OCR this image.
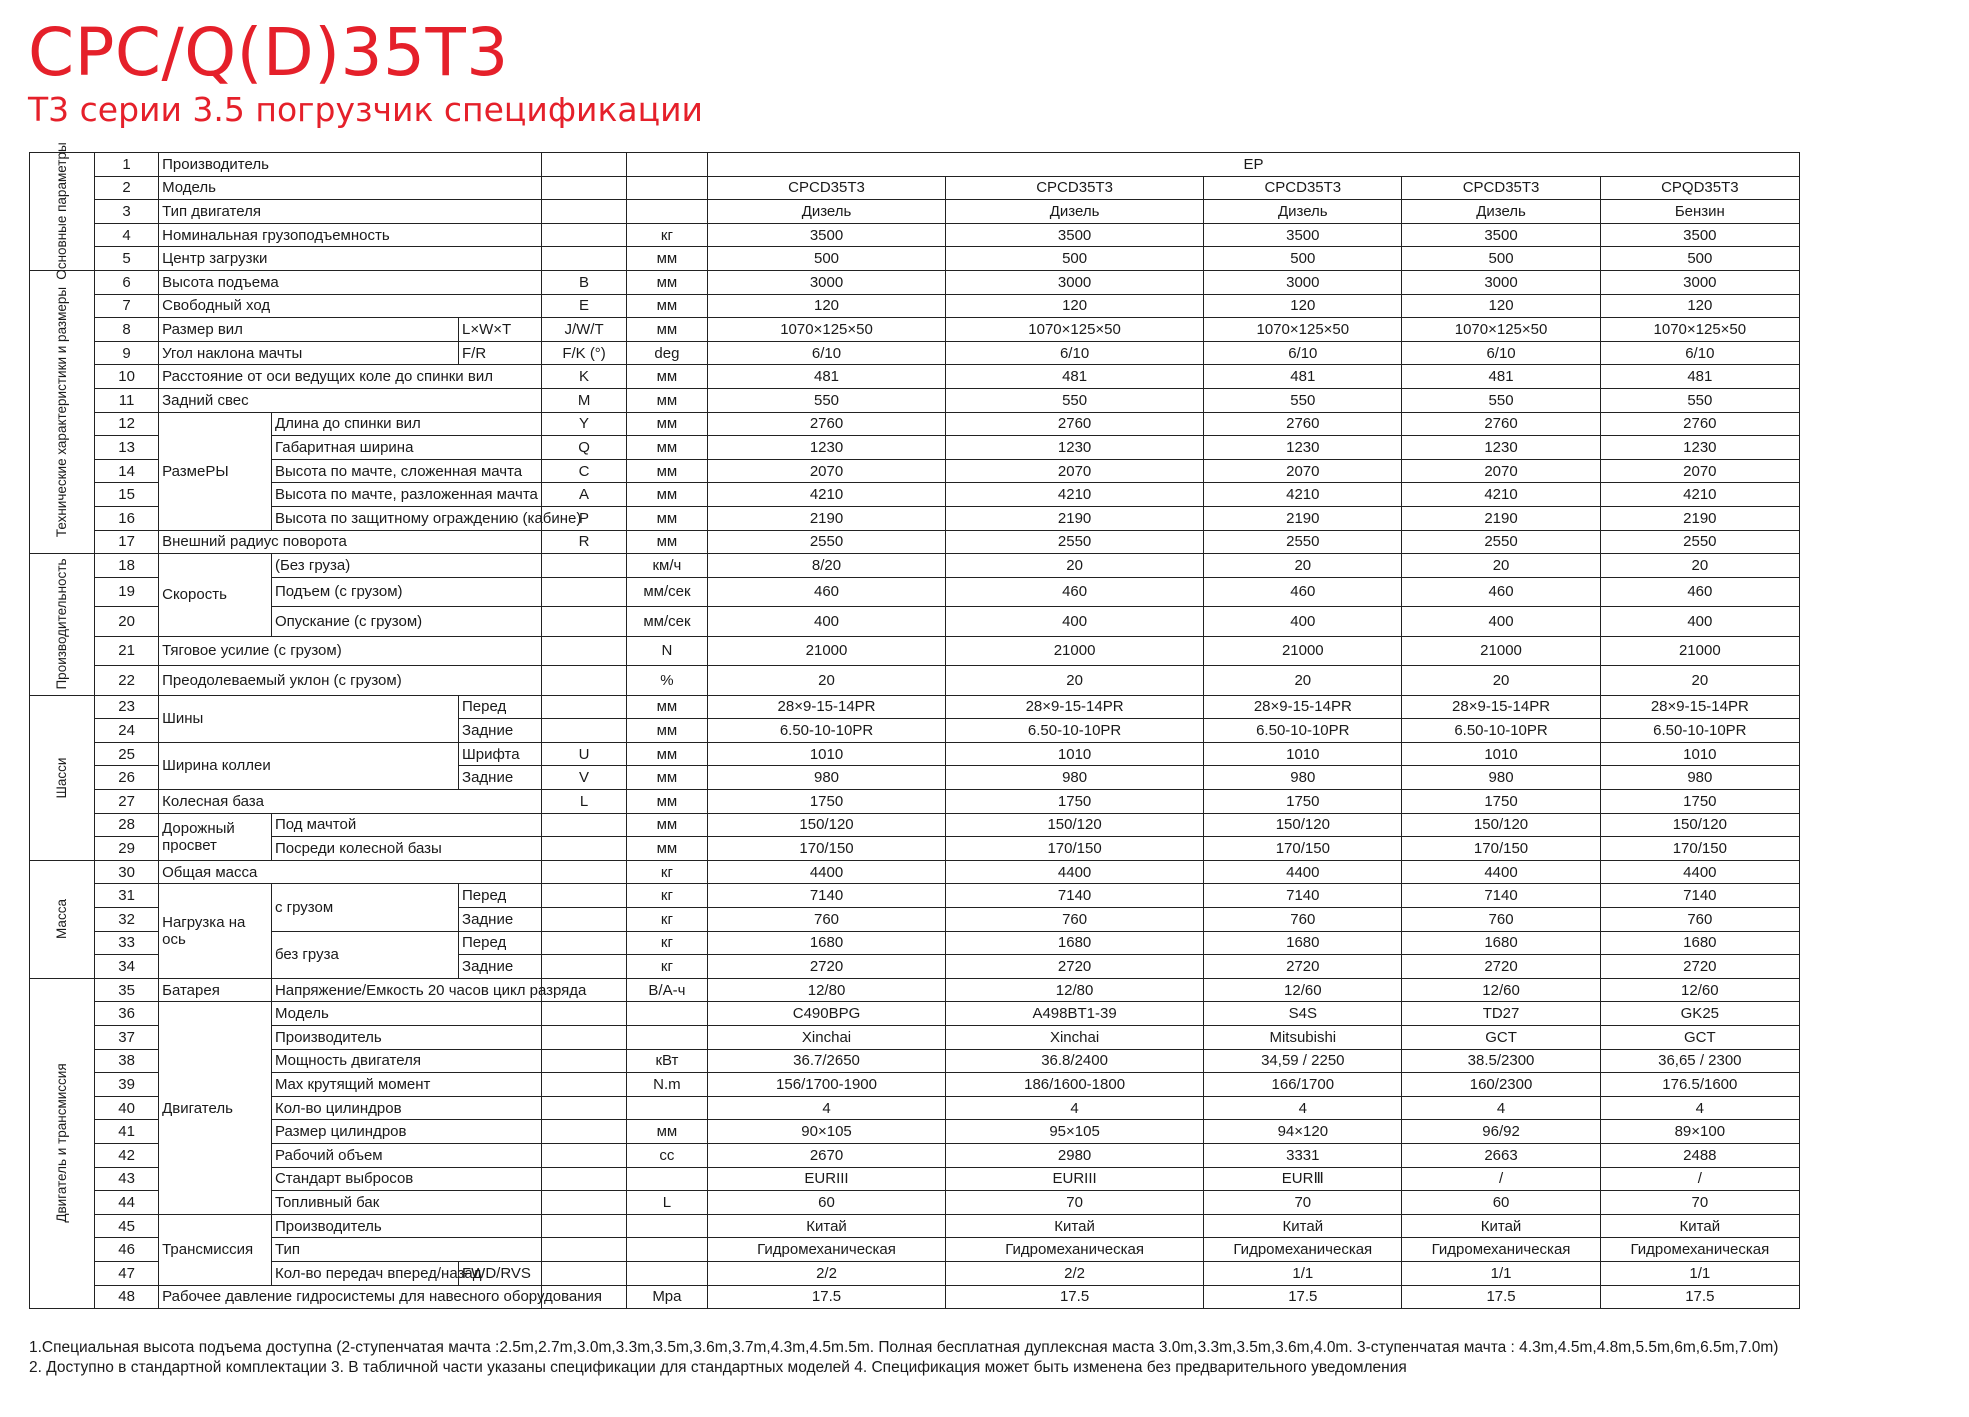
CPC/Q(D)35T3
T3 серии 3.5 погрузчик спецификации
Основные параметры	1	Производитель					EP				
	2	Модель					CPCD35T3	CPCD35T3	CPCD35T3	CPCD35T3	CPQD35T3
	3	Тип двигателя					Дизель	Дизель	Дизель	Дизель	Бензин
	4	Номинальная грузоподъемность				кг	3500	3500	3500	3500	3500
	5	Центр загрузки				мм	500	500	500	500	500

Технические характеристики и размеры	6	Высота подъема			B	мм	3000	3000	3000	3000	3000
	7	Свободный ход			E	мм	120	120	120	120	120
	8	Размер вил		L×W×T	J/W/T	мм	1070×125×50	1070×125×50	1070×125×50	1070×125×50	1070×125×50
	9	Угол наклона мачты		F/R	F/K (°)	deg	6/10	6/10	6/10	6/10	6/10
	10	Расстояние от оси ведущих коле до спинки вил			K	мм	481	481	481	481	481
	11	Задний свес			M	мм	550	550	550	550	550
	12	РазмеРЫ	Длина до спинки вил		Y	мм	2760	2760	2760	2760	2760
	13		Габаритная ширина		Q	мм	1230	1230	1230	1230	1230
	14		Высота по мачте, сложенная мачта		C	мм	2070	2070	2070	2070	2070
	15		Высота по мачте, разложенная мачта		A	мм	4210	4210	4210	4210	4210
	16		Высота по защитному ограждению (кабине)		P	мм	2190	2190	2190	2190	2190
	17	Внешний радиус поворота			R	мм	2550	2550	2550	2550	2550

Производительность	18	Скорость	(Без груза)			км/ч	8/20	20	20	20	20
	19		Подъем (с грузом)			мм/сек	460	460	460	460	460
	20		Опускание (с грузом)			мм/сек	400	400	400	400	400
	21	Тяговое усилие (с грузом)				N	21000	21000	21000	21000	21000
	22	Преодолеваемый уклон (с грузом)				%	20	20	20	20	20

Шасси	23	Шины		Перед		мм	28×9-15-14PR	28×9-15-14PR	28×9-15-14PR	28×9-15-14PR	28×9-15-14PR
	24			Задние		мм	6.50-10-10PR	6.50-10-10PR	6.50-10-10PR	6.50-10-10PR	6.50-10-10PR
	25	Ширина коллеи		Шрифта	U	мм	1010	1010	1010	1010	1010
	26			Задние	V	мм	980	980	980	980	980
	27	Колесная база			L	мм	1750	1750	1750	1750	1750
	28	Дорожный просвет	Под мачтой			мм	150/120	150/120	150/120	150/120	150/120
	29		Посреди колесной базы			мм	170/150	170/150	170/150	170/150	170/150

Масса	30	Общая масса				кг	4400	4400	4400	4400	4400
	31	Нагрузка на ось	с грузом	Перед		кг	7140	7140	7140	7140	7140
	32			Задние		кг	760	760	760	760	760
	33		без груза	Перед		кг	1680	1680	1680	1680	1680
	34			Задние		кг	2720	2720	2720	2720	2720

Двигатель и трансмиссия	35	Батарея	Напряжение/Емкость 20 часов цикл разряда			B/A-ч	12/80	12/80	12/60	12/60	12/60
	36	Двигатель	Модель				C490BPG	A498BT1-39	S4S	TD27	GK25
	37		Производитель				Xinchai	Xinchai	Mitsubishi	GCT	GCT
	38		Мощность двигателя			кВт	36.7/2650	36.8/2400	34,59 / 2250	38.5/2300	36,65 / 2300
	39		Max крутящий момент			N.m	156/1700-1900	186/1600-1800	166/1700	160/2300	176.5/1600
	40		Кол-во цилиндров				4	4	4	4	4
	41		Размер цилиндров			мм	90×105	95×105	94×120	96/92	89×100
	42		Рабочий объем			cc	2670	2980	3331	2663	2488
	43		Стандарт выбросов				EURIII	EURIII	EURⅢ	/	/
	44		Топливный бак			L	60	70	70	60	70
	45	Трансмиссия	Производитель				Китай	Китай	Китай	Китай	Китай
	46		Тип				Гидромеханическая	Гидромеханическая	Гидромеханическая	Гидромеханическая	Гидромеханическая
	47		Кол-во передач вперед/назад	FWD/RVS			2/2	2/2	1/1	1/1	1/1
	48	Рабочее давление гидросистемы для навесного оборудования				Mpa	17.5	17.5	17.5	17.5	17.5

1.Специальная высота подъема доступна (2-ступенчатая мачта :2.5m,2.7m,3.0m,3.3m,3.5m,3.6m,3.7m,4.3m,4.5m.5m. Полная бесплатная дуплексная маста 3.0m,3.3m,3.5m,3.6m,4.0m. 3-ступенчатая мачта : 4.3m,4.5m,4.8m,5.5m,6m,6.5m,7.0m)

2. Доступно в стандартной комплектации 3. В табличной части указаны спецификации для стандартных моделей 4. Спецификация может быть изменена без предварительного уведомления
